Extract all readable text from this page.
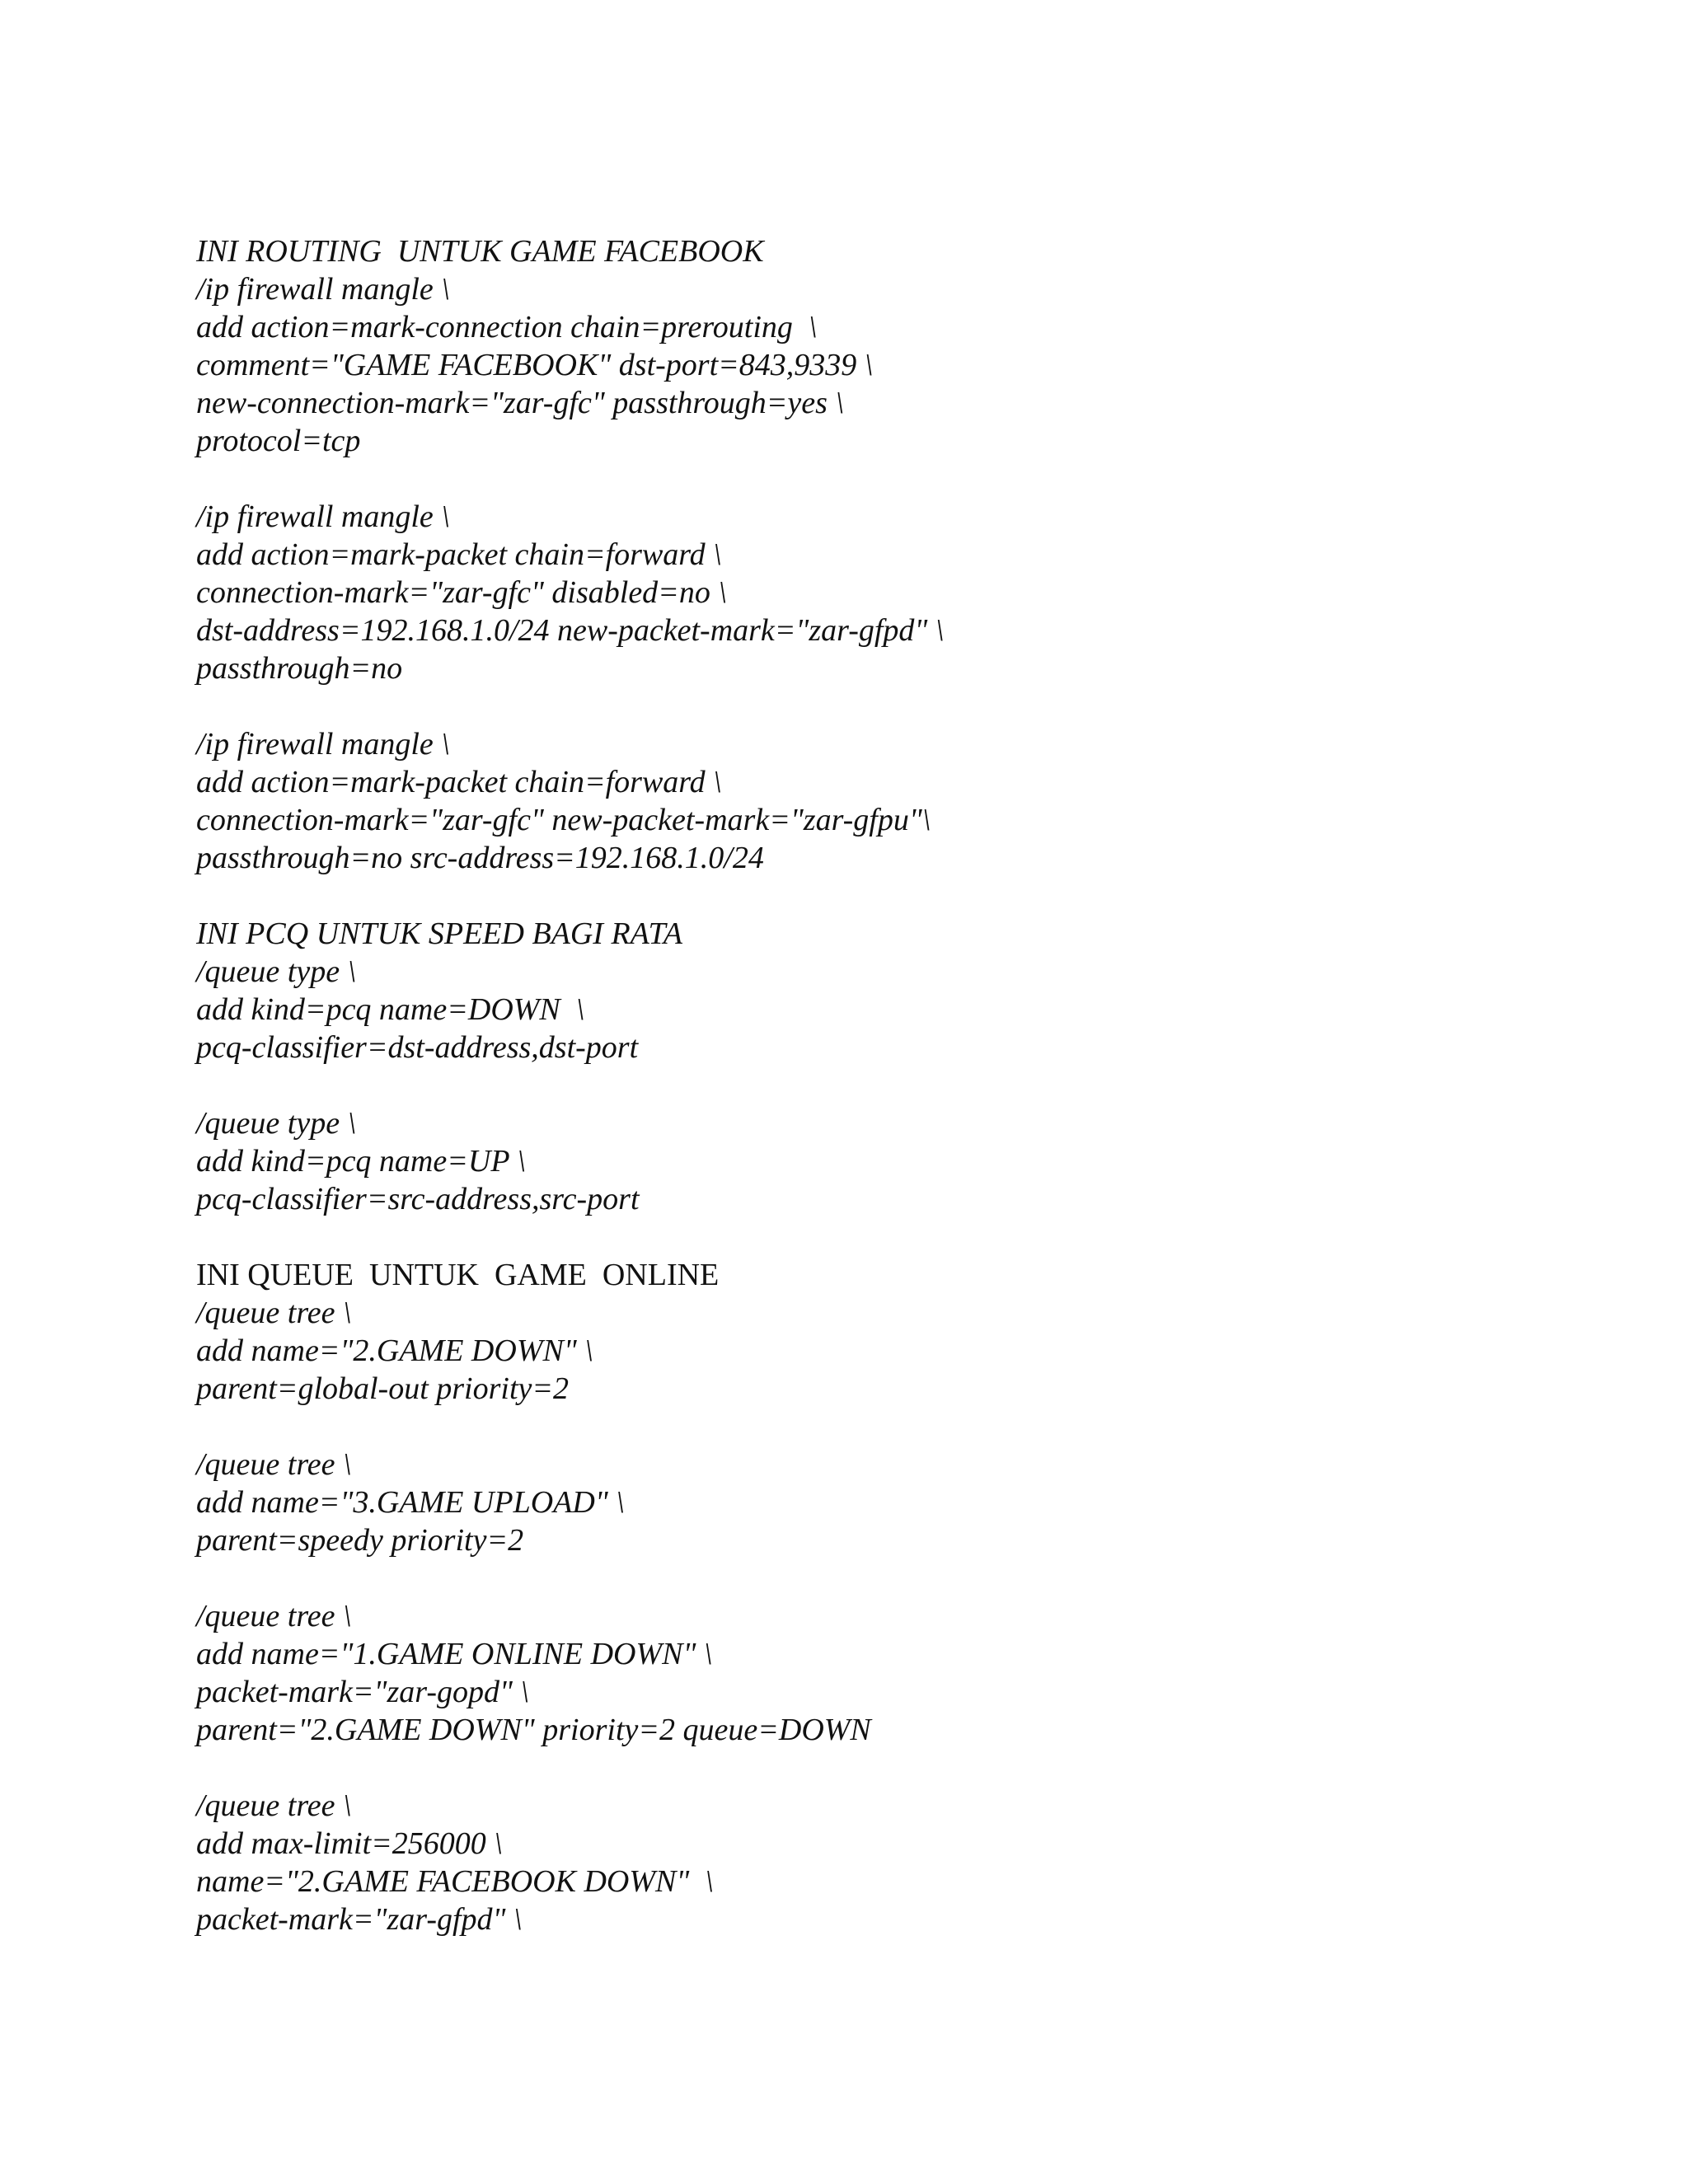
INI ROUTING  UNTUK GAME FACEBOOK
/ip firewall mangle \
add action=mark-connection chain=prerouting  \
comment="GAME FACEBOOK" dst-port=843,9339 \
new-connection-mark="zar-gfc" passthrough=yes \
protocol=tcp
/ip firewall mangle \
add action=mark-packet chain=forward \
connection-mark="zar-gfc" disabled=no \
dst-address=192.168.1.0/24 new-packet-mark="zar-gfpd" \
passthrough=no
/ip firewall mangle \
add action=mark-packet chain=forward \
connection-mark="zar-gfc" new-packet-mark="zar-gfpu"\
passthrough=no src-address=192.168.1.0/24
INI PCQ UNTUK SPEED BAGI RATA
/queue type \
add kind=pcq name=DOWN  \
pcq-classifier=dst-address,dst-port
/queue type \
add kind=pcq name=UP \
pcq-classifier=src-address,src-port
INI QUEUE  UNTUK  GAME  ONLINE
/queue tree \
add name="2.GAME DOWN" \
parent=global-out priority=2
/queue tree \
add name="3.GAME UPLOAD" \
parent=speedy priority=2
/queue tree \
add name="1.GAME ONLINE DOWN" \
packet-mark="zar-gopd" \
parent="2.GAME DOWN" priority=2 queue=DOWN
/queue tree \
add max-limit=256000 \
name="2.GAME FACEBOOK DOWN"  \
packet-mark="zar-gfpd" \
